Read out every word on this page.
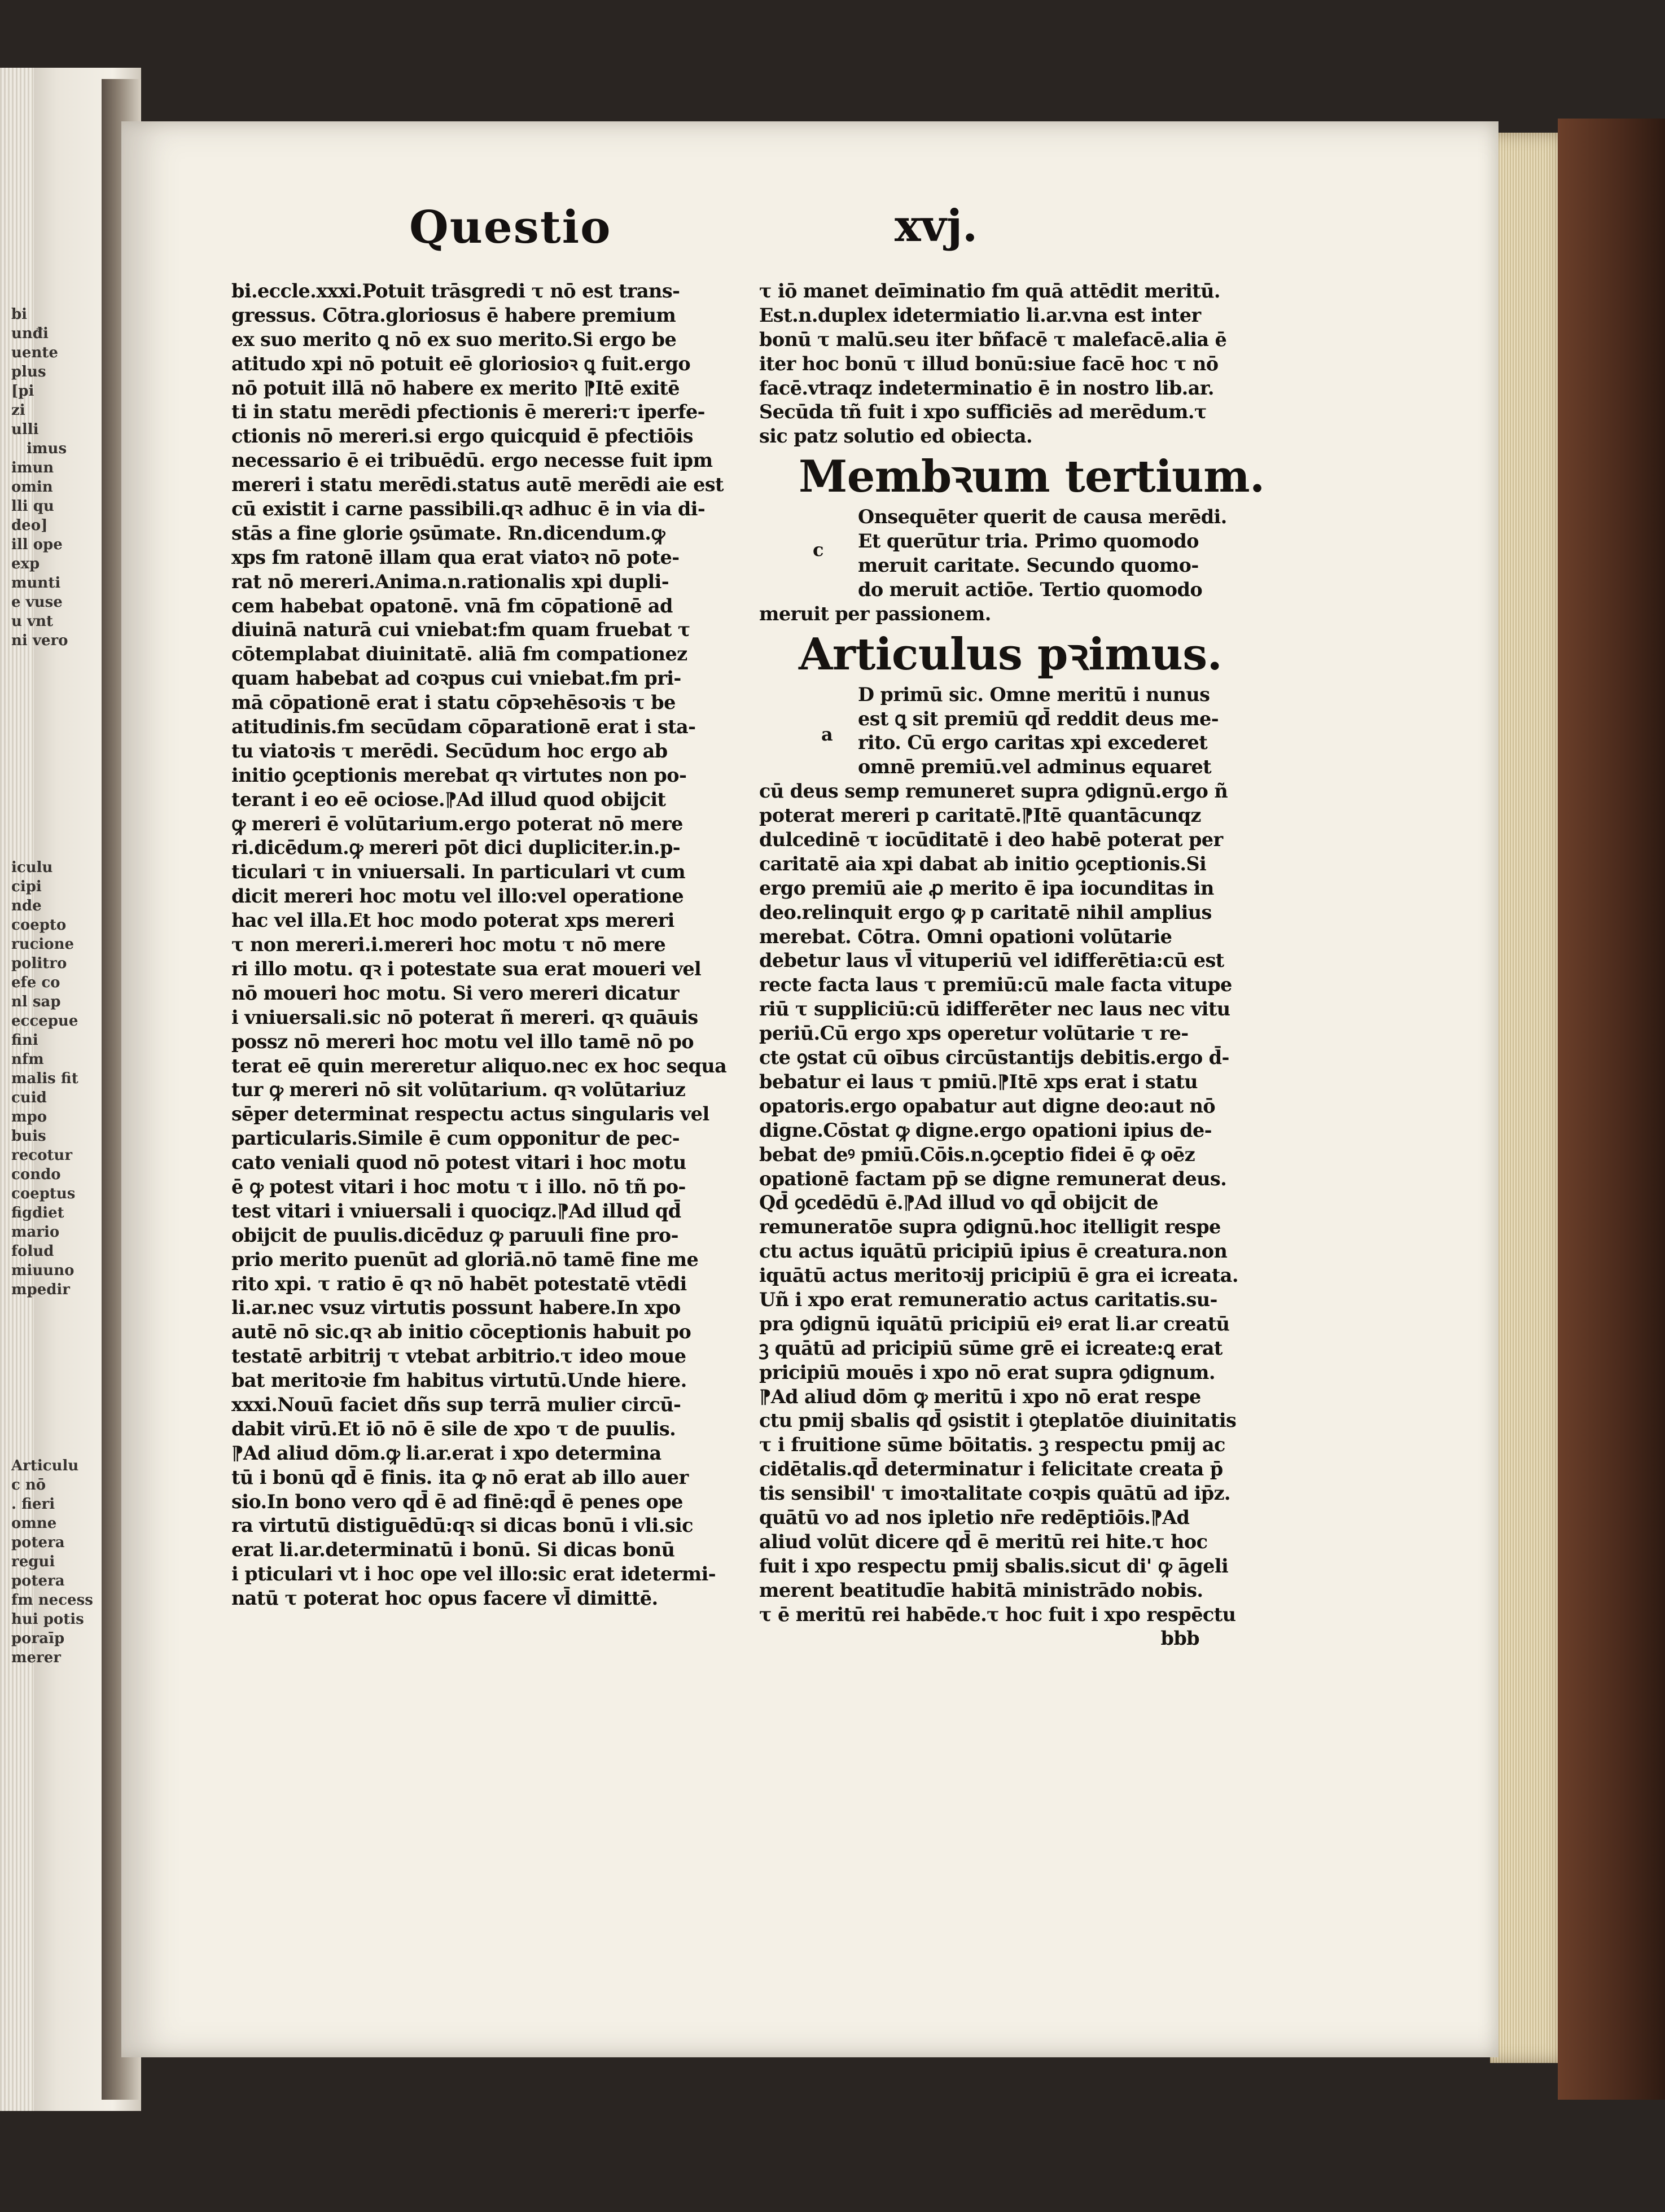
bi
unđi
uente
plus
[pi
zi
ulli
imus
imun
omin
lli qu
deo]
ill ope
exp
munti
e vuse
u vnt
ni vero
iculu
cipi
nde
coepto
rucione
politro
efe co
nl sap
eccepue
fini
nfm
malis fit
cuid
mpo
buis
recotur
condo
coeptus
figdiet
mario
folud
miuuno
mpedir
Articulu
c nō
. fieri
omne
potera
regui
potera
fm necess
hui potis
poraīp
merer
Questio	xvj.
bi.eccle.xxxi.Potuit trāsgredi τ nō est trans-
gressus. Cōtra.gloriosus ē habere premium
ex suo merito ꝗ nō ex suo merito.Si ergo be
atitudo xpi nō potuit eē gloriosioꝛ ꝗ fuit.ergo
nō potuit illā nō habere ex merito ⁋Itē exitē
ti in statu merēdi pfectionis ē mereri:τ iperfe-
ctionis nō mereri.si ergo quicquid ē pfectiōis
necessario ē ei tribuēdū. ergo necesse fuit ipm
mereri i statu merēdi.status autē merēdi aie est
cū existit i carne passibili.qꝛ adhuc ē in via di-
stās a fine glorie ꝯsūmate. Rn.dicendum.ꝙ
xps fm ratonē illam qua erat viatoꝛ nō pote-
rat nō mereri.Anima.n.rationalis xpi dupli-
cem habebat opatonē. vnā fm cōpationē ad
diuinā naturā cui vniebat:fm quam fruebat τ
cōtemplabat diuinitatē. aliā fm compationez
quam habebat ad coꝛpus cui vniebat.fm pri-
mā cōpationē erat i statu cōpꝛehēsoꝛis τ be
atitudinis.fm secūdam cōparationē erat i sta-
tu viatoꝛis τ merēdi. Secūdum hoc ergo ab
initio ꝯceptionis merebat qꝛ virtutes non po-
terant i eo eē ociose.⁋Ad illud quod obijcit
ꝙ mereri ē volūtarium.ergo poterat nō mere
ri.dicēdum.ꝙ mereri pōt dici dupliciter.in.p-
ticulari τ in vniuersali. In particulari vt cum
dicit mereri hoc motu vel illo:vel operatione
hac vel illa.Et hoc modo poterat xps mereri
τ non mereri.i.mereri hoc motu τ nō mere
ri illo motu. qꝛ i potestate sua erat moueri vel
nō moueri hoc motu. Si vero mereri dicatur
i vniuersali.sic nō poterat ñ mereri. qꝛ quāuis
possz nō mereri hoc motu vel illo tamē nō po
terat eē quin mereretur aliquo.nec ex hoc sequa
tur ꝙ mereri nō sit volūtarium. qꝛ volūtariuz
sēper determinat respectu actus singularis vel
particularis.Simile ē cum opponitur de pec-
cato veniali quod nō potest vitari i hoc motu
ē ꝙ potest vitari i hoc motu τ i illo. nō tñ po-
test vitari i vniuersali i quociqz.⁋Ad illud qd̄
obijcit de puulis.dicēduz ꝙ paruuli fine pro-
prio merito puenūt ad gloriā.nō tamē fine me
rito xpi. τ ratio ē qꝛ nō habēt potestatē vtēdi
li.ar.nec vsuz virtutis possunt habere.In xpo
autē nō sic.qꝛ ab initio cōceptionis habuit po
testatē arbitrij τ vtebat arbitrio.τ ideo moue
bat meritoꝛie fm habitus virtutū.Unde hiere.
xxxi.Nouū faciet dñs sup terrā mulier circū-
dabit virū.Et iō nō ē sile de xpo τ de puulis.
⁋Ad aliud dōm.ꝙ li.ar.erat i xpo determina
tū i bonū qd̄ ē finis. ita ꝙ nō erat ab illo auer
sio.In bono vero qd̄ ē ad finē:qd̄ ē penes ope
ra virtutū distiguēdū:qꝛ si dicas bonū i vli.sic
erat li.ar.determinatū i bonū. Si dicas bonū
i pticulari vt i hoc ope vel illo:sic erat idetermi-
natū τ poterat hoc opus facere vl̄ dimittē.
τ iō manet deīminatio fm quā attēdit meritū.
Est.n.duplex idetermiatio li.ar.vna est inter
bonū τ malū.seu iter bñfacē τ malefacē.alia ē
iter hoc bonū τ illud bonū:siue facē hoc τ nō
facē.vtraqz indeterminatio ē in nostro lib.ar.
Secūda tñ fuit i xpo sufficiēs ad merēdum.τ
sic patz solutio ed obiecta.
Membꝛum tertium.
Onsequēter querit de causa merēdi.
Et querūtur tria. Primo quomodo
meruit caritate. Secundo quomo-
do meruit actiōe. Tertio quomodo
meruit per passionem.
Articulus pꝛimus.
D primū sic. Omne meritū i nunus
est ꝗ sit premiū qd̄ reddit deus me-
rito. Cū ergo caritas xpi excederet
omnē premiū.vel adminus equaret
cū deus semp remuneret supra ꝯdignū.ergo ñ
poterat mereri p caritatē.⁋Itē quantācunqz
dulcedinē τ iocūditatē i deo habē poterat per
caritatē aia xpi dabat ab initio ꝯceptionis.Si
ergo premiū aie ꝓ merito ē ipa iocunditas in
deo.relinquit ergo ꝙ p caritatē nihil amplius
merebat. Cōtra. Omni opationi volūtarie
debetur laus vl̄ vituperiū vel idifferētia:cū est
recte facta laus τ premiū:cū male facta vitupe
riū τ suppliciū:cū idifferēter nec laus nec vitu
periū.Cū ergo xps operetur volūtarie τ re-
cte ꝯstat cū oībus circūstantijs debitis.ergo d̄-
bebatur ei laus τ pmiū.⁋Itē xps erat i statu
opatoris.ergo opabatur aut digne deo:aut nō
digne.Cōstat ꝙ digne.ergo opationi ipius de-
bebat deꝰ pmiū.Cōis.n.ꝯceptio fidei ē ꝙ oēz
opationē factam pp̄ se digne remunerat deus.
Qd̄ ꝯcedēdū ē.⁋Ad illud vo qd̄ obijcit de
remuneratōe supra ꝯdignū.hoc itelligit respe
ctu actus iquātū pricipiū ipius ē creatura.non
iquātū actus meritoꝛij pricipiū ē gra ei icreata.
Uñ i xpo erat remuneratio actus caritatis.su-
pra ꝯdignū iquātū pricipiū eiꝰ erat li.ar creatū
ꝫ quātū ad pricipiū sūme grē ei icreate:ꝗ erat
pricipiū mouēs i xpo nō erat supra ꝯdignum.
⁋Ad aliud dōm ꝙ meritū i xpo nō erat respe
ctu pmij sbalis qd̄ ꝯsistit i ꝯteplatōe diuinitatis
τ i fruitione sūme bōitatis. ꝫ respectu pmij ac
cidētalis.qd̄ determinatur i felicitate creata p̄
tis sensibil' τ imoꝛtalitate coꝛpis quātū ad ip̄z.
quātū vo ad nos ipletio nr̄e redēptiōis.⁋Ad
aliud volūt dicere qd̄ ē meritū rei hite.τ hoc
fuit i xpo respectu pmij sbalis.sicut di' ꝙ āgeli
merent beatitudīe habitā ministrādo nobis.
τ ē meritū rei habēde.τ hoc fuit i xpo respēctu
bbb
c
a
